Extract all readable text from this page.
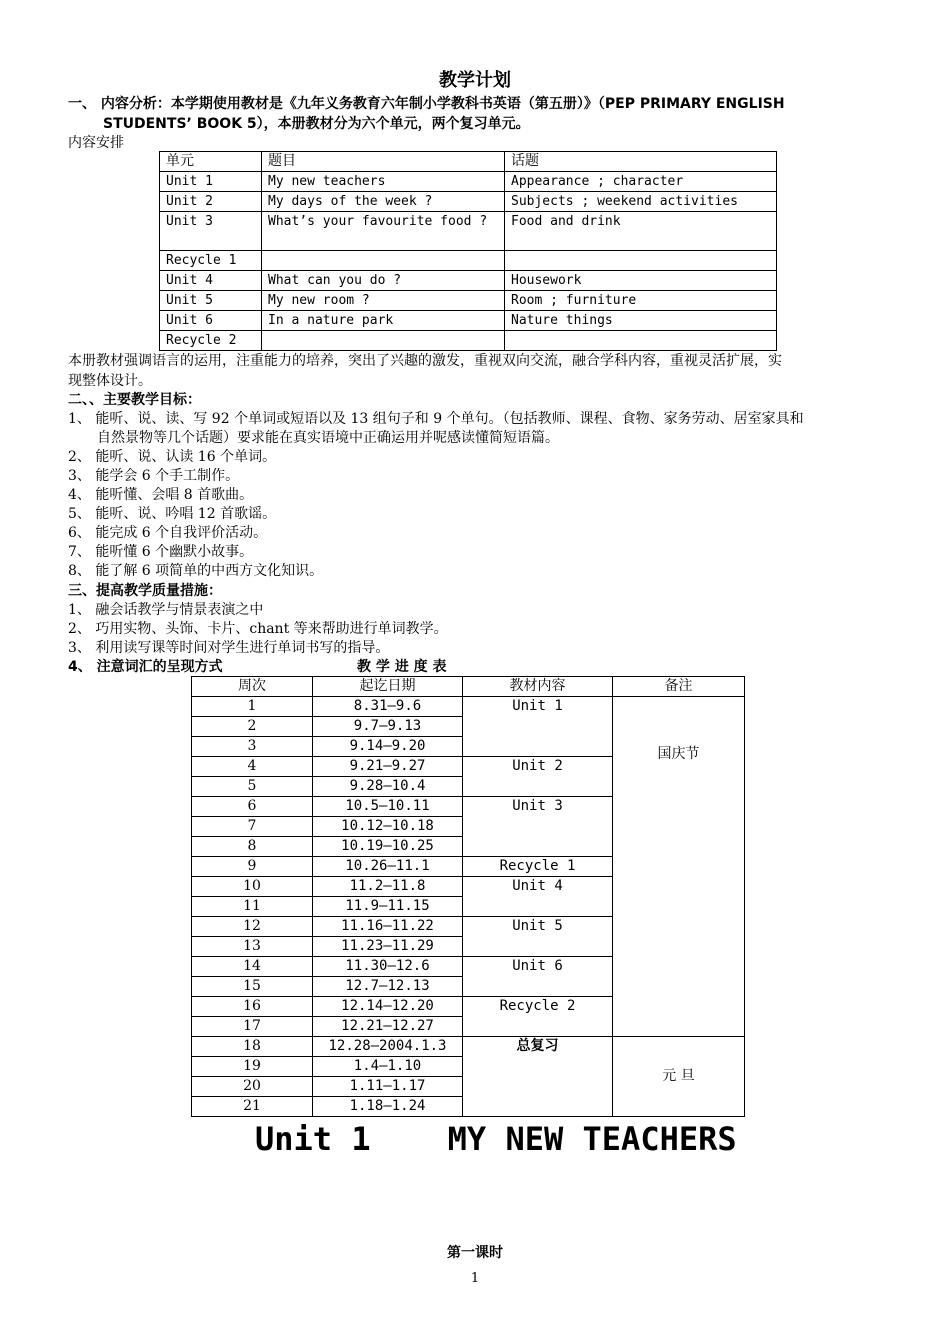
教学计划
一、 内容分析：本学期使用教材是《九年义务教育六年制小学教科书英语（第五册）》（PEP PRIMARY ENGLISH
STUDENTS’ BOOK 5），本册教材分为六个单元，两个复习单元。
内容安排
单元	题目	话题
Unit 1	My new teachers	Appearance ; character
Unit 2	My days of the week ?	Subjects ; weekend activities
Unit 3	What’s your favourite food ?	Food and drink
Recycle 1		
Unit 4	What can you do ?	Housework
Unit 5	My new room ?	Room ; furniture
Unit 6	In a nature park	Nature things
Recycle 2		
本册教材强调语言的运用，注重能力的培养，突出了兴趣的激发，重视双向交流，融合学科内容，重视灵活扩展，实
现整体设计。
二、、主要教学目标：
1、 能听、说、读、写 92 个单词或短语以及 13 组句子和 9 个单句。（包括教师、课程、食物、家务劳动、居室家具和
自然景物等几个话题）要求能在真实语境中正确运用并呢感读懂简短语篇。
2、 能听、说、认读 16 个单词。
3、 能学会 6 个手工制作。
4、 能听懂、会唱 8 首歌曲。
5、 能听、说、吟唱 12 首歌谣。
6、 能完成 6 个自我评价活动。
7、 能听懂 6 个幽默小故事。
8、 能了解 6 项简单的中西方文化知识。
三、提高教学质量措施：
1、 融会话教学与情景表演之中
2、 巧用实物、头饰、卡片、chant 等来帮助进行单词教学。
3、 利用读写课等时间对学生进行单词书写的指导。
4、 注意词汇的呈现方式	教 学 进 度 表
周次	起讫日期	教材内容	备注
1	8.31—9.6	Unit 1	国庆节
2	9.7—9.13		
3	9.14—9.20		
4	9.21—9.27	Unit 2	
5	9.28—10.4		
6	10.5—10.11	Unit 3	
7	10.12—10.18		
8	10.19—10.25		
9	10.26—11.1	Recycle 1	
10	11.2—11.8	Unit 4	
11	11.9—11.15		
12	11.16—11.22	Unit 5	
13	11.23—11.29		
14	11.30—12.6	Unit 6	
15	12.7—12.13		
16	12.14—12.20	Recycle 2	
17	12.21—12.27		
18	12.28—2004.1.3	总复习	元 旦
19	1.4—1.10		
20	1.11—1.17		
21	1.18—1.24		
Unit 1    MY NEW TEACHERS
第一课时
1
